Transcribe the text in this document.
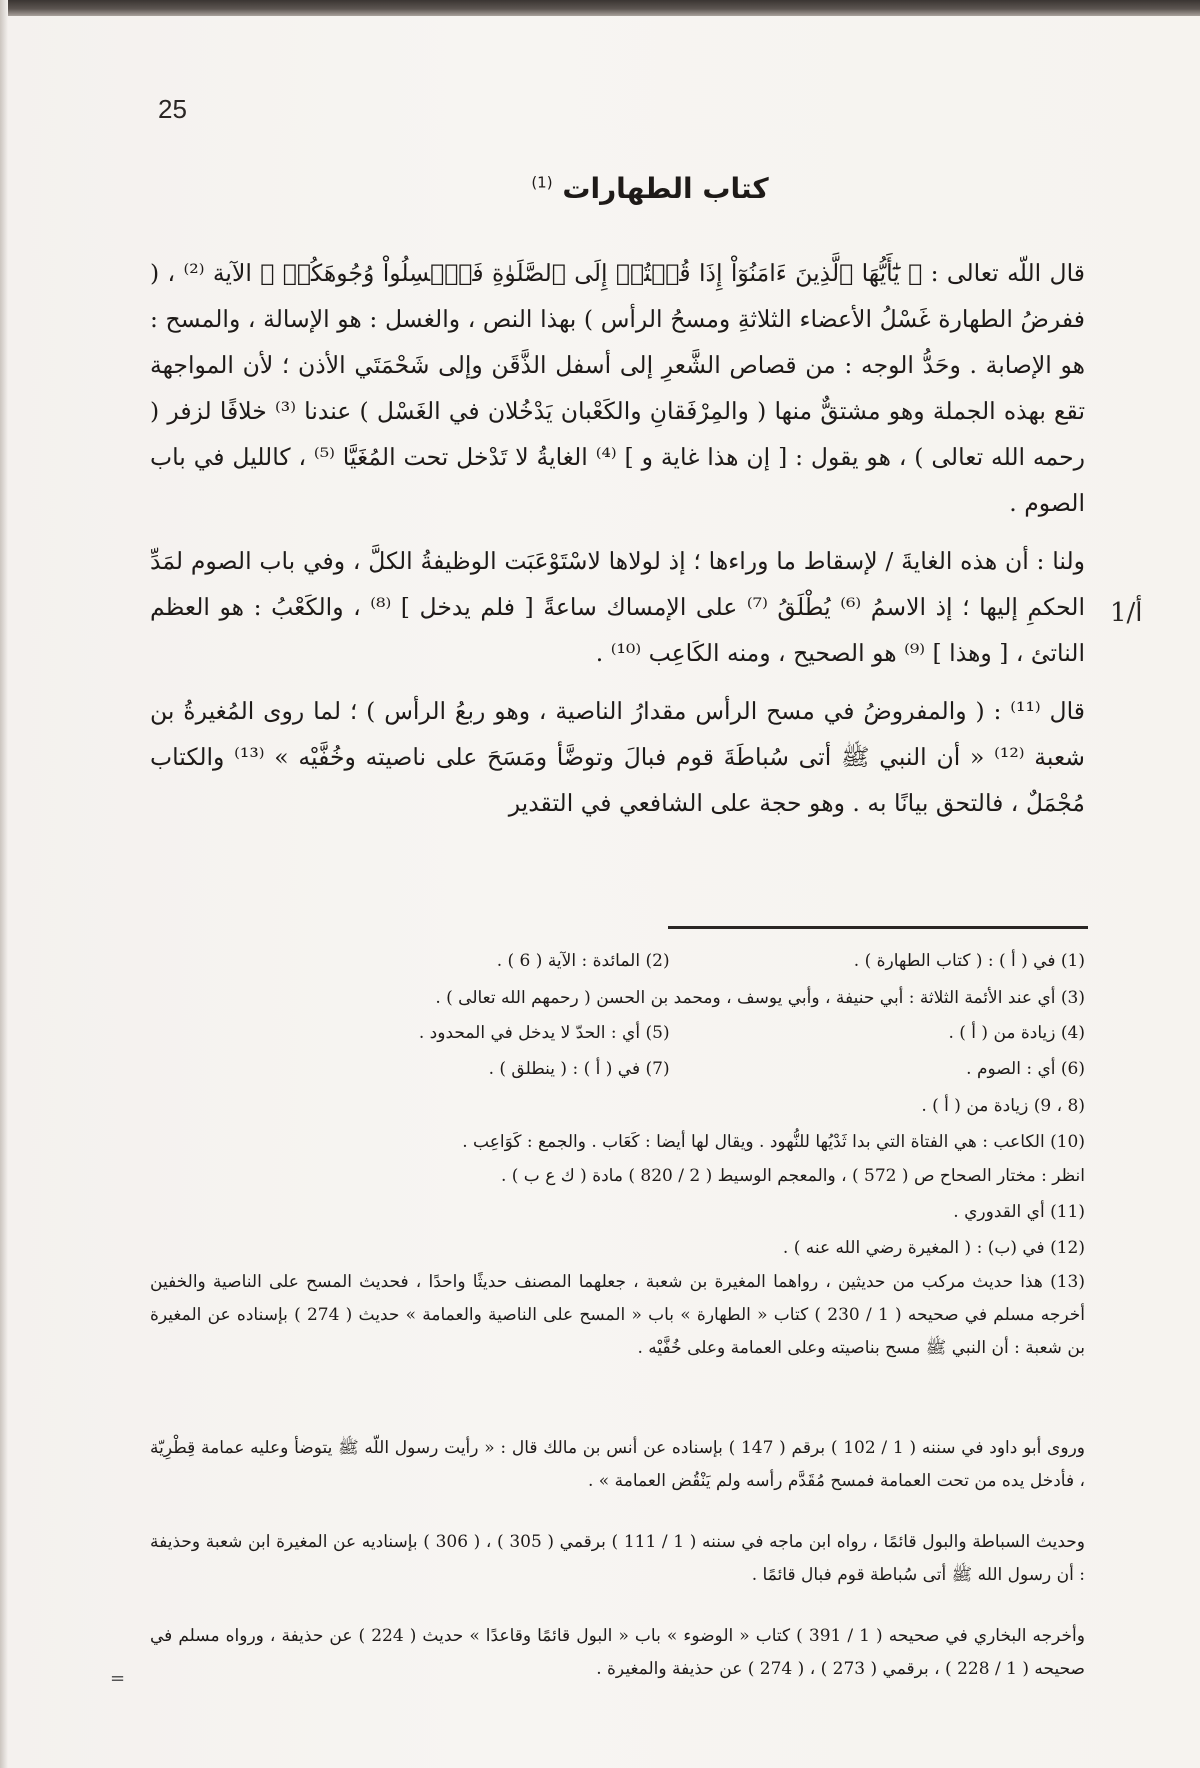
25
كتاب الطهارات $^{(1)}$
أ/1

قال اللّه تعالى : ﴿ يَٰٓأَيُّهَا ٱلَّذِينَ ءَامَنُوٓاْ إِذَا قُمۡتُمۡ إِلَى ٱلصَّلَوٰةِ فَٱغۡسِلُواْ وُجُوهَكُمۡ ﴾ الآية ⁽²⁾ ، ( ففرضُ الطهارة غَسْلُ الأعضاء الثلاثةِ ومسحُ الرأس ) بهذا النص ، والغسل : هو الإسالة ، والمسح : هو الإصابة . وحَدُّ الوجه : من قصاص الشَّعرِ إلى أسفل الذَّقَن وإلى شَحْمَتَي الأذن ؛ لأن المواجهة تقع بهذه الجملة وهو مشتقٌّ منها ( والمِرْفَقانِ والكَعْبان يَدْخُلان في الغَسْل ) عندنا ⁽³⁾ خلافًا لزفر ( رحمه الله تعالى ) ، هو يقول : [ إن هذا غاية و ] ⁽⁴⁾ الغايةُ لا تَدْخل تحت المُغَيَّا ⁽⁵⁾ ، كالليل في باب الصوم .

ولنا : أن هذه الغايةَ / لإسقاط ما وراءها ؛ إذ لولاها لاسْتَوْعَبَت الوظيفةُ الكلَّ ، وفي باب الصوم لمَدِّ الحكمِ إليها ؛ إذ الاسمُ ⁽⁶⁾ يُطْلَقُ ⁽⁷⁾ على الإمساك ساعةً [ فلم يدخل ] ⁽⁸⁾ ، والكَعْبُ : هو العظم الناتئ ، [ وهذا ] ⁽⁹⁾ هو الصحيح ، ومنه الكَاعِب ⁽¹⁰⁾ .

قال ⁽¹¹⁾ : ( والمفروضُ في مسح الرأس مقدارُ الناصية ، وهو ربعُ الرأس ) ؛ لما روى المُغيرةُ بن شعبة ⁽¹²⁾ « أن النبي ﷺ أتى سُباطَةَ قوم فبالَ وتوضَّأ ومَسَحَ على ناصيته وخُفَّيْه » ⁽¹³⁾ والكتاب مُجْمَلٌ ، فالتحق بيانًا به . وهو حجة على الشافعي في التقدير

(1) في ( أ ) : ( كتاب الطهارة ) . (2) المائدة : الآية ( 6 ) .
(3) أي عند الأئمة الثلاثة : أبي حنيفة ، وأبي يوسف ، ومحمد بن الحسن ( رحمهم الله تعالى ) .
(4) زيادة من ( أ ) . (5) أي : الحدّ لا يدخل في المحدود .
(6) أي : الصوم . (7) في ( أ ) : ( ينطلق ) .
(8 ، 9) زيادة من ( أ ) .
(10) الكاعب : هي الفتاة التي بدا ثَدْيُها للنُّهود . ويقال لها أيضا : كَعَاب . والجمع : كَوَاعِب .
انظر : مختار الصحاح ص ( 572 ) ، والمعجم الوسيط ( 2 / 820 ) مادة ( ك ع ب ) .
(11) أي القدوري .
(12) في (ب) : ( المغيرة رضي الله عنه ) .
(13) هذا حديث مركب من حديثين ، رواهما المغيرة بن شعبة ، جعلهما المصنف حديثًا واحدًا ، فحديث المسح على الناصية والخفين أخرجه مسلم في صحيحه ( 1 / 230 ) كتاب « الطهارة » باب « المسح على الناصية والعمامة » حديث ( 274 ) بإسناده عن المغيرة بن شعبة : أن النبي ﷺ مسح بناصيته وعلى العمامة وعلى خُفَّيْه .
وروى أبو داود في سننه ( 1 / 102 ) برقم ( 147 ) بإسناده عن أنس بن مالك قال : « رأيت رسول اللّه ﷺ يتوضأ وعليه عمامة قِطْرِيّة ، فأدخل يده من تحت العمامة فمسح مُقَدَّم رأسه ولم يَنْقُض العمامة » .
وحديث السباطة والبول قائمًا ، رواه ابن ماجه في سننه ( 1 / 111 ) برقمي ( 305 ) ، ( 306 ) بإسناديه عن المغيرة ابن شعبة وحذيفة : أن رسول الله ﷺ أتى سُباطة قوم فبال قائمًا .
وأخرجه البخاري في صحيحه ( 1 / 391 ) كتاب « الوضوء » باب « البول قائمًا وقاعدًا » حديث ( 224 ) عن حذيفة ، ورواه مسلم في صحيحه ( 1 / 228 ) ، برقمي ( 273 ) ، ( 274 ) عن حذيفة والمغيرة .
=
